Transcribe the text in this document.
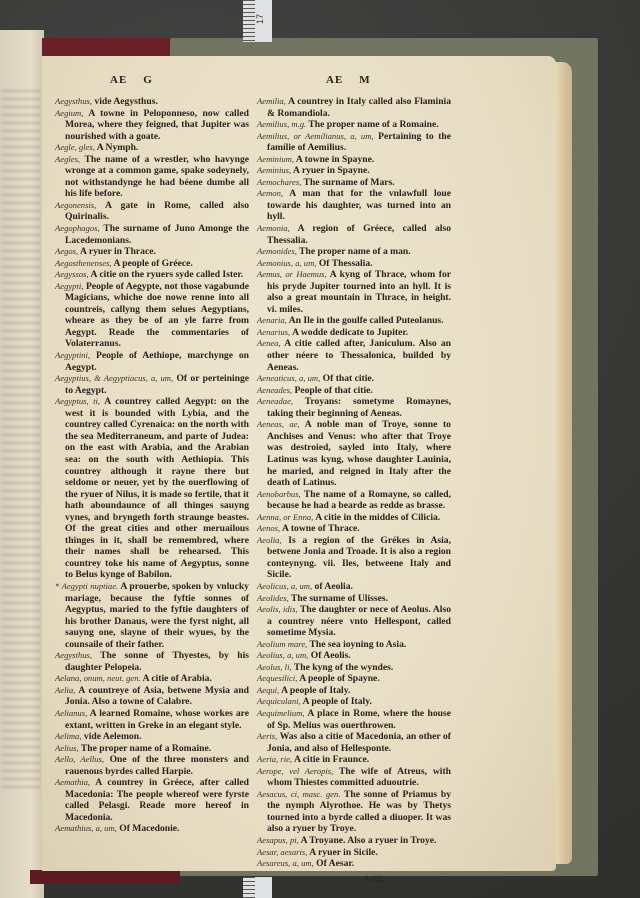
17
AE G	AE M

Aegysthus, vide Aegysthus.

Aegium, A towne in Peloponneso, now called Morea, where they feigned, that Jupiter was nourished with a goate.

Aegle, gles, A Nymph.

Aegles, The name of a wrestler, who havynge wronge at a common game, spake sodeynely, not withstandynge he had béene dumbe all his life before.

Aegonensis, A gate in Rome, called also Quirinalis.

Aegophagos, The surname of Juno Amonge the Lacedemonians.

Aegos, A ryuer in Thrace.

Aegosthenenses, A people of Gréece.

Aegyssos, A citie on the ryuers syde called Ister.

Aegypti, People of Aegypte, not those vagabunde Magicians, whiche doe nowe renne into all countreis, callyng them selues Aegyptians, wheare as they be of an yle farre from Aegypt. Reade the commentaries of Volaterranus.

Aegyptini, People of Aethiope, marchynge on Aegypt.

Aegyptius, & Aegyptiacus, a, um, Of or perteininge to Aegypt.

Aegyptus, ti, A countrey called Aegypt: on the west it is bounded with Lybia, and the countrey called Cyrenaica: on the north with the sea Mediterraneum, and parte of Judea: on the east with Arabia, and the Arabian sea: on the south with Aethiopia. This countrey although it rayne there but seldome or neuer, yet by the ouerflowing of the ryuer of Nilus, it is made so fertile, that it hath aboundaunce of all thinges sauyng vynes, and bryngeth forth straunge beastes. Of the great cities and other meruailous thinges in it, shall be remembred, where their names shall be rehearsed. This countrey toke his name of Aegyptus, sonne to Belus kynge of Babilon.

* Aegypti nuptiae. A prouerbe, spoken by vnlucky mariage, because the fyftie sonnes of Aegyptus, maried to the fyftie daughters of his brother Danaus, were the fyrst night, all sauyng one, slayne of their wyues, by the counsaile of their father.

Aegysthus, The sonne of Thyestes, by his daughter Pelopeia.

Aelana, onum, neut. gen. A citie of Arabia.

Aelia, A countreye of Asia, betwene Mysia and Jonia. Also a towne of Calabre.

Aelianus, A learned Romaine, whose workes are extant, written in Greke in an elegant style.

Aelima, vide Aelemon.

Aelius, The proper name of a Romaine.

Aello, Aellus, One of the three monsters and rauenous byrdes called Harpie.

Aemathia, A countrey in Gréece, after called Macedonia: The people whereof were fyrste called Pelasgi. Reade more hereof in Macedonia.

Aemathius, a, um, Of Macedonie.

Aemilia, A countrey in Italy called also Flaminia & Romandiola.

Aemilius, m.g. The proper name of a Romaine.

Aemilius, or Aemilianus, a, um, Pertaining to the famílie of Aemilius.

Aeminium, A towne in Spayne.

Aeminius, A ryuer in Spayne.

Aemochares, The surname of Mars.

Aemon, A man that for the vnlawfull loue towarde his daughter, was turned into an hyll.

Aemonia, A region of Gréece, called also Thessalia.

Aemonides, The proper name of a man.

Aemonius, a, um, Of Thessalia.

Aemus, or Haemus, A kyng of Thrace, whom for his pryde Jupiter tourned into an hyll. It is also a great mountain in Thrace, in height. vi. miles.

Aenaria, An Ile in the goulfe called Puteolanus.

Aenarius, A wodde dedicate to Jupiter.

Aenea, A citie called after, Janiculum. Also an other néere to Thessalonica, builded by Aeneas.

Aeneaticus, a, um, Of that citie.

Aeneades, People of that citie.

Aeneadae, Troyans: sometyme Romaynes, taking their beginning of Aeneas.

Aeneas, ae, A noble man of Troye, sonne to Anchises and Venus: who after that Troye was destroied, sayled into Italy, where Latinus was kyng, whose daughter Lauinia, he maried, and reigned in Italy after the death of Latinus.

Aenobarbus, The name of a Romayne, so called, because he had a bearde as redde as brasse.

Aenna, or Enna, A citie in the middes of Cilicia.

Aenos, A towne of Thrace.

Aeolia, Is a region of the Grékes in Asia, betwene Jonia and Troade. It is also a region conteynyng. vii. Iles, betweene Italy and Sicile.

Aeolicus, a, um, of Aeolia.

Aeolides, The surname of Ulisses.

Aeolis, idis, The daughter or nece of Aeolus. Also a countrey néere vnto Hellespont, called sometime Mysia.

Aeolium mare, The sea ioyning to Asia.

Aeolius, a, um, Of Aeolis.

Aeolus, li, The kyng of the wyndes.

Aequesilici, A people of Spayne.

Aequi, A people of Italy.

Aequiculani, A people of Italy.

Aequimelium, A place in Rome, where the house of Sp. Melius was ouerthrowen.

Aeris, Was also a citie of Macedonia, an other of Jonia, and also of Hellesponte.

Aeria, rie, A citie in Fraunce.

Aerope, vel Aeropis, The wife of Atreus, with whom Thiestes committed aduoutrie.

Aesacus, ci, masc. gen. The sonne of Priamus by the nymph Alyrothoe. He was by Thetys tourned into a byrde called a diuoper. It was also a ryuer by Troye.

Aesapus, pi, A Troyane. Also a ryuer in Troye.

Aesar, aesaris, A ryuer in Sicile.

Aesareus, a, um, Of Aesar.

A.iiii.
